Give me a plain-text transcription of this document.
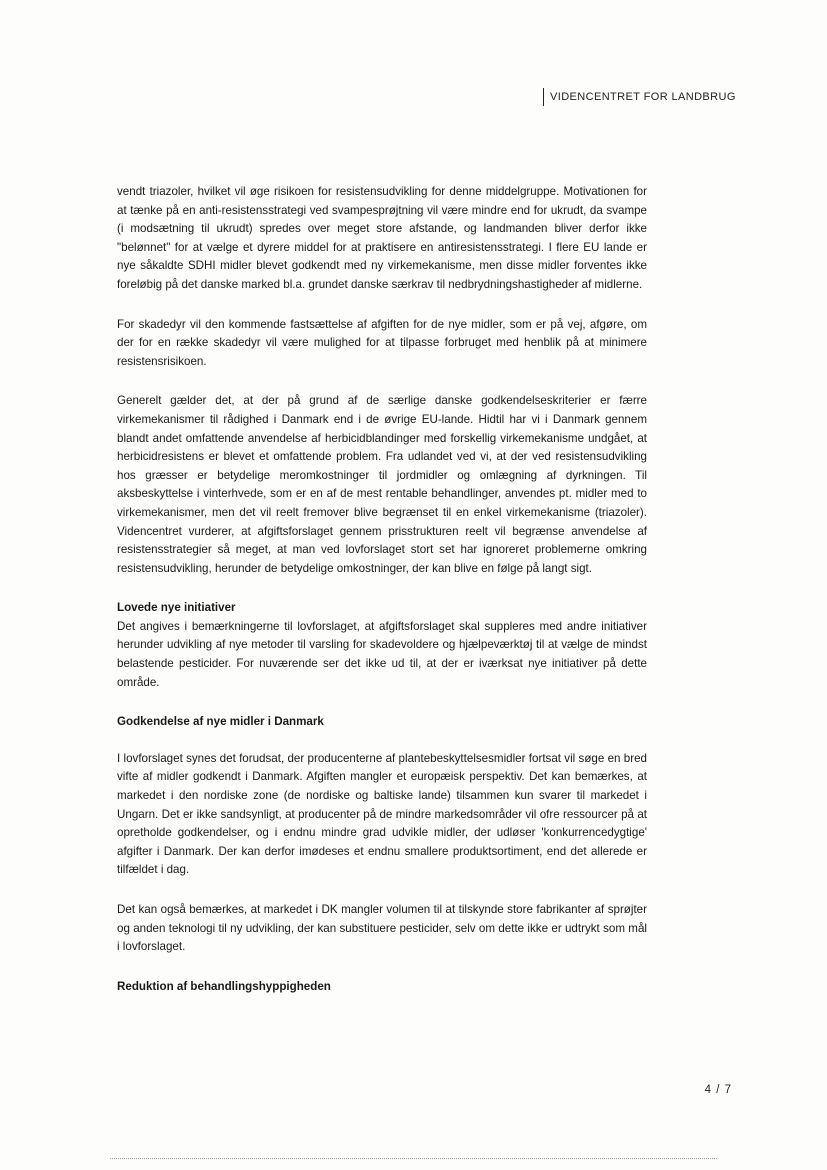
VIDENCENTRET FOR LANDBRUG

vendt triazoler, hvilket vil øge risikoen for resistensudvikling for denne middelgruppe. Motivationen for at tænke på en anti-resistensstrategi ved svampesprøjtning vil være mindre end for ukrudt, da svampe (i modsætning til ukrudt) spredes over meget store afstande, og landmanden bliver derfor ikke "belønnet" for at vælge et dyrere middel for at praktisere en antiresistensstrategi. I flere EU lande er nye såkaldte SDHI midler blevet godkendt med ny virkemekanisme, men disse midler forventes ikke foreløbig på det danske marked bl.a. grundet danske særkrav til nedbrydningshastigheder af midlerne.

For skadedyr vil den kommende fastsættelse af afgiften for de nye midler, som er på vej, afgøre, om der for en række skadedyr vil være mulighed for at tilpasse forbruget med henblik på at minimere resistensrisikoen.

Generelt gælder det, at der på grund af de særlige danske godkendelseskriterier er færre virkemekanismer til rådighed i Danmark end i de øvrige EU-lande. Hidtil har vi i Danmark gennem blandt andet omfattende anvendelse af herbicidblandinger med forskellig virkemekanisme undgået, at herbicidresistens er blevet et omfattende problem. Fra udlandet ved vi, at der ved resistensudvikling hos græsser er betydelige meromkostninger til jordmidler og omlægning af dyrkningen. Til aksbeskyttelse i vinterhvede, som er en af de mest rentable behandlinger, anvendes pt. midler med to virkemekanismer, men det vil reelt fremover blive begrænset til en enkel virkemekanisme (triazoler). Videncentret vurderer, at afgiftsforslaget gennem prisstrukturen reelt vil begrænse anvendelse af resistensstrategier så meget, at man ved lovforslaget stort set har ignoreret problemerne omkring resistensudvikling, herunder de betydelige omkostninger, der kan blive en følge på langt sigt.

Lovede nye initiativer

Det angives i bemærkningerne til lovforslaget, at afgiftsforslaget skal suppleres med andre initiativer herunder udvikling af nye metoder til varsling for skadevoldere og hjælpeværktøj til at vælge de mindst belastende pesticider. For nuværende ser det ikke ud til, at der er iværksat nye initiativer på dette område.

Godkendelse af nye midler i Danmark

I lovforslaget synes det forudsat, der producenterne af plantebeskyttelsesmidler fortsat vil søge en bred vifte af midler godkendt i Danmark. Afgiften mangler et europæisk perspektiv. Det kan bemærkes, at markedet i den nordiske zone (de nordiske og baltiske lande) tilsammen kun svarer til markedet i Ungarn. Det er ikke sandsynligt, at producenter på de mindre markedsområder vil ofre ressourcer på at opretholde godkendelser, og i endnu mindre grad udvikle midler, der udløser 'konkurrencedygtige' afgifter i Danmark. Der kan derfor imødeses et endnu smallere produktsortiment, end det allerede er tilfældet i dag.

Det kan også bemærkes, at markedet i DK mangler volumen til at tilskynde store fabrikanter af sprøjter og anden teknologi til ny udvikling, der kan substituere pesticider, selv om dette ikke er udtrykt som mål i lovforslaget.

Reduktion af behandlingshyppigheden
4 / 7
